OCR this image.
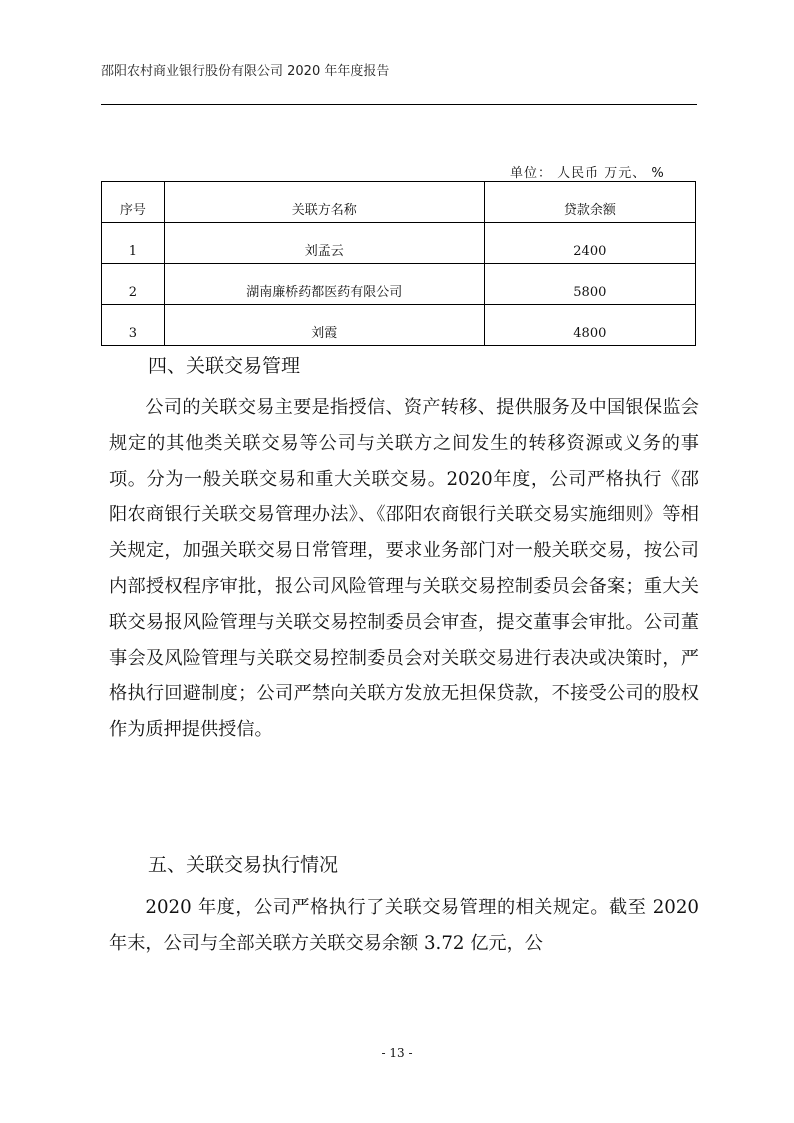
邵阳农村商业银行股份有限公司 2020 年年度报告
单位： 人民币 万元、 %
序号	关联方名称	贷款余额
1	刘孟云	2400
2	湖南廉桥药都医药有限公司	5800
3	刘霞	4800
四、关联交易管理

公司的关联交易主要是指授信、资产转移、提供服务及中国银保监会规定的其他类关联交易等公司与关联方之间发生的转移资源或义务的事项。分为一般关联交易和重大关联交易。2020年度，公司严格执行《邵阳农商银行关联交易管理办法》、《邵阳农商银行关联交易实施细则》等相关规定，加强关联交易日常管理，要求业务部门对一般关联交易，按公司内部授权程序审批，报公司风险管理与关联交易控制委员会备案；重大关联交易报风险管理与关联交易控制委员会审查，提交董事会审批。公司董事会及风险管理与关联交易控制委员会对关联交易进行表决或决策时，严格执行回避制度；公司严禁向关联方发放无担保贷款，不接受公司的股权作为质押提供授信。

五、关联交易执行情况

2020 年度，公司严格执行了关联交易管理的相关规定。截至 2020 年末，公司与全部关联方关联交易余额 3.72 亿元，公

- 13 -
